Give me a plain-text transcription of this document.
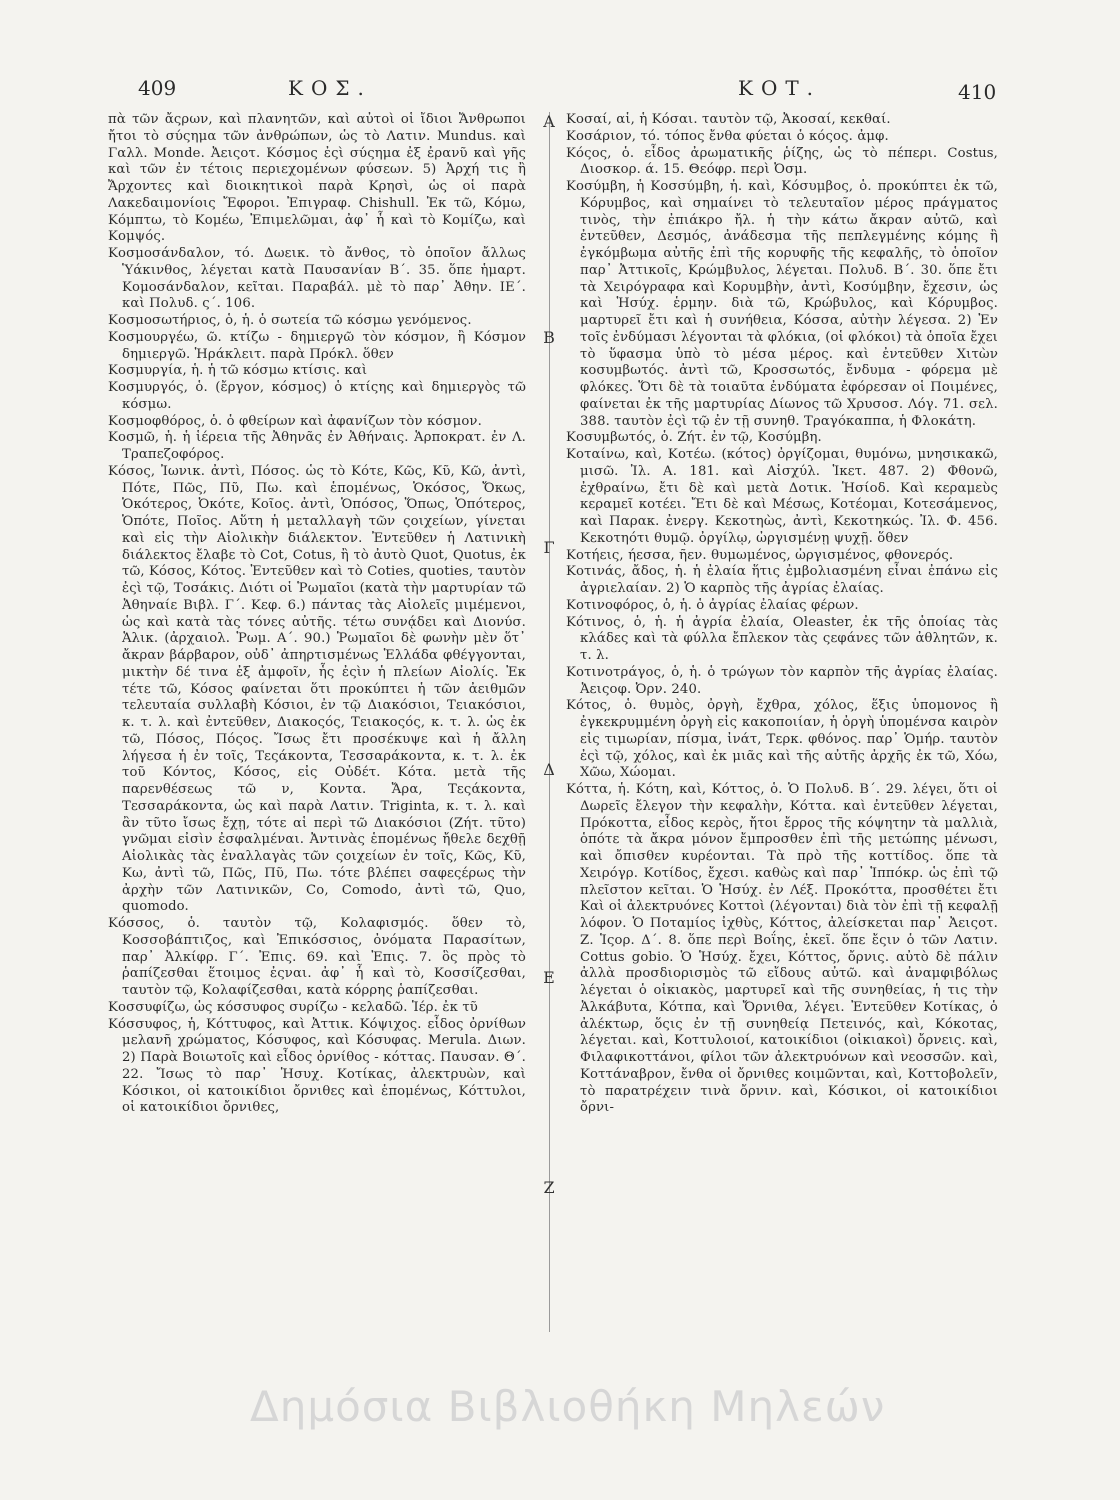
409	ΚΟΣ.	ΚΟΤ.	410

πὰ τῶν ἄςρων, καὶ πλανητῶν, καὶ αὐτοὶ οἱ ἴδιοι Ἄνθρωποι ἤτοι τὸ σύςημα τῶν ἀνθρώπων, ὡς τὸ Λατιν. Mundus. καὶ Γαλλ. Monde. Ἀειςοτ. Κόσμος ἐςὶ σύςημα ἐξ ἐρανῦ καὶ γῆς καὶ τῶν ἐν τέτοις περιεχομένων φύσεων. 5) Ἀρχή τις ἢ Ἄρχοντες καὶ διοικητικοὶ παρὰ Κρησὶ, ὡς οἱ παρὰ Λακεδαιμονίοις Ἔφοροι. Ἐπιγραφ. Chishull. Ἐκ τῶ, Κόμω, Κόμπτω, τὸ Κομέω, Ἐπιμελῶμαι, ἀφ᾽ ἧ καὶ τὸ Κομίζω, καὶ Κομψός.

Κοσμοσάνδαλον, τό. Δωεικ. τὸ ἄνθος, τὸ ὁποῖον ἄλλως Ὑάκινθος, λέγεται κατὰ Παυσανίαν Β΄. 35. ὅπε ἡμαρτ. Κομοσάνδαλον, κεῖται. Παραβάλ. μὲ τὸ παρ᾽ Ἀθην. ΙΕ΄. καὶ Πολυδ. ς΄. 106.

Κοσμοσωτήριος, ὁ, ἡ. ὁ σωτεία τῶ κόσμω γενόμενος.

Κοσμουργέω, ῶ. κτίζω - δημιεργῶ τὸν κόσμον, ἢ Κόσμον δημιεργῶ. Ἡράκλειτ. παρὰ Πρόκλ. ὅθεν

Κοσμυργία, ἡ. ἡ τῶ κόσμω κτίσις. καὶ

Κοσμυργός, ὁ. (ἔργον, κόσμος) ὁ κτίςης καὶ δημιεργὸς τῶ κόσμω.

Κοσμοφθόρος, ὁ. ὁ φθείρων καὶ ἀφανίζων τὸν κόσμον.

Κοσμῶ, ἡ. ἡ ἱέρεια τῆς Ἀθηνᾶς ἐν Ἀθήναις. Ἁρποκρατ. ἐν Λ. Τραπεζοφόρος.

Κόσος, Ἰωνικ. ἀντὶ, Πόσος. ὡς τὸ Κότε, Κῶς, Κῦ, Κῶ, ἀντὶ, Πότε, Πῶς, Πῦ, Πω. καὶ ἑπομένως, Ὁκόσος, Ὄκως, Ὁκότερος, Ὀκότε, Κοῖος. ἀντὶ, Ὁπόσος, Ὅπως, Ὁπότερος, Ὁπότε, Ποῖος. Αὕτη ἡ μεταλλαγὴ τῶν ςοιχείων, γίνεται καὶ εἰς τὴν Αἰολικὴν διάλεκτον. Ἐντεῦθεν ἡ Λατινικὴ διάλεκτος ἔλαβε τὸ Cot, Cotus, ἢ τὸ ἀυτὸ Quot, Quotus, ἐκ τῶ, Κόσος, Κότος. Ἐντεῦθεν καὶ τὸ Coties, quoties, ταυτὸν ἐςὶ τῷ, Τοσάκις. Διότι οἱ Ῥωμαῖοι (κατὰ τὴν μαρτυρίαν τῶ Ἀθηναίε Βιβλ. Γ΄. Κεφ. 6.) πάντας τὰς Αἰολεῖς μιμέμενοι, ὡς καὶ κατὰ τὰς τόνες αὐτῆς. τέτω συνᾴδει καὶ Διονύσ. Ἁλικ. (ἀρχαιολ. Ῥωμ. Α΄. 90.) Ῥωμαῖοι δὲ φωνὴν μὲν ὅτ᾽ ἄκραν βάρβαρον, οὐδ᾽ ἀπηρτισμένως Ἑλλάδα φθέγγονται, μικτὴν δέ τινα ἐξ ἀμφοῖν, ἧς ἐςὶν ἡ πλείων Αἰολίς. Ἐκ τέτε τῶ, Κόσος φαίνεται ὅτι προκύπτει ἡ τῶν ἀειθμῶν τελευταία συλλαβὴ Κόσιοι, ἐν τῷ Διακόσιοι, Τειακόσιοι, κ. τ. λ. καὶ ἐντεῦθεν, Διακοςός, Τειακοςός, κ. τ. λ. ὡς ἐκ τῶ, Πόσος, Πόςος. Ἴσως ἔτι προσέκυψε καὶ ἡ ἄλλη λήγεσα ἡ ἐν τοῖς, Τεςάκοντα, Τεσσαράκοντα, κ. τ. λ. ἐκ τοῦ Κόντος, Κόσος, εἰς Οὐδέτ. Κότα. μετὰ τῆς παρενθέσεως τῶ ν, Κοντα. Ἄρα, Τεςάκοντα, Τεσσαράκοντα, ὡς καὶ παρὰ Λατιν. Triginta, κ. τ. λ. καὶ ἂν τῦτο ἴσως ἔχῃ, τότε αἱ περὶ τῶ Διακόσιοι (Ζήτ. τῦτο) γνῶμαι εἰσὶν ἐσφαλμέναι. Ἀντινὰς ἑπομένως ἤθελε δεχθῇ Αἰολικὰς τὰς ἐναλλαγὰς τῶν ςοιχείων ἐν τοῖς, Κῶς, Κῦ, Κω, ἀντὶ τῶ, Πῶς, Πῦ, Πω. τότε βλέπει σαφεςέρως τὴν ἀρχὴν τῶν Λατινικῶν, Co, Comodo, ἀντὶ τῶ, Quo, quomodo.

Κόσσος, ὁ. ταυτὸν τῷ, Κολαφισμός. ὅθεν τὸ, Κοσσοβάπτιζος, καὶ Ἐπικόσσιος, ὀνόματα Παρασίτων, παρ᾽ Ἀλκίφρ. Γ΄. Ἐπις. 69. καὶ Ἐπις. 7. ὃς πρὸς τὸ ῥαπίζεσθαι ἕτοιμος ἐςναι. ἀφ᾽ ἧ καὶ τὸ, Κοσσίζεσθαι, ταυτὸν τῷ, Κολαφίζεσθαι, κατὰ κόρρης ῥαπίζεσθαι.

Κοσσυφίζω, ὡς κόσσυφος συρίζω - κελαδῶ. Ἱέρ. ἐκ τῦ

Κόσσυφος, ἡ, Κόττυφος, καὶ Ἀττικ. Κόψιχος. εἶδος ὀρνίθων μελανῆ χρώματος, Κόσυφος, καὶ Κόσυφας. Merula. Διων. 2) Παρὰ Βοιωτοῖς καὶ εἶδος ὀρνίθος - κόττας. Παυσαν. Θ΄. 22. Ἴσως τὸ παρ᾽ Ἡσυχ. Κοτίκας, ἀλεκτρυὼν, καὶ Κόσικοι, οἱ κατοικίδιοι ὄρνιθες καὶ ἑπομένως, Κόττυλοι, οἱ κατοικίδιοι ὄρνιθες,

A
B
Γ
Δ
E
Z

Κοσαί, αἱ, ἡ Κόσαι. ταυτὸν τῷ, Ἀκοσαί, κεκθαί.

Κοσάριον, τό. τόπος ἔνθα φύεται ὁ κόςος. ἀμφ.

Κόςος, ὁ. εἶδος ἀρωματικῆς ῥίζης, ὡς τὸ πέπερι. Costus, Διοσκορ. ά. 15. Θεόφρ. περὶ Ὀσμ.

Κοσύμβη, ἡ Κοσσύμβη, ἡ. καὶ, Κόσυμβος, ὁ. προκύπτει ἐκ τῶ, Κόρυμβος, καὶ σημαίνει τὸ τελευταῖον μέρος πράγματος τινὸς, τὴν ἐπιάκρο ἤλ. ἡ τὴν κάτω ἄκραν αὐτῶ, καὶ ἐντεῦθεν, Δεσμός, ἀνάδεσμα τῆς πεπλεγμένης κόμης ἢ ἐγκόμβωμα αὐτῆς ἐπὶ τῆς κορυφῆς τῆς κεφαλῆς, τὸ ὁποῖον παρ᾽ Ἀττικοῖς, Κρώμβυλος, λέγεται. Πολυδ. Β΄. 30. ὅπε ἔτι τὰ Χειρόγραφα καὶ Κορυμβὴν, ἀντὶ, Κοσύμβην, ἔχεσιν, ὡς καὶ Ἡσύχ. ἑρμην. διὰ τῶ, Κρώβυλος, καὶ Κόρυμβος. μαρτυρεῖ ἔτι καὶ ἡ συνήθεια, Κόσσα, αὐτὴν λέγεσα. 2) Ἐν τοῖς ἐνδύμασι λέγονται τὰ φλόκια, (οἱ φλόκοι) τὰ ὁποῖα ἔχει τὸ ὕφασμα ὑπὸ τὸ μέσα μέρος. καὶ ἐντεῦθεν Χιτὼν κοσυμβωτός. ἀντὶ τῶ, Κροσσωτός, ἔνδυμα - φόρεμα μὲ φλόκες. Ὅτι δὲ τὰ τοιαῦτα ἐνδύματα ἐφόρεσαν οἱ Ποιμένες, φαίνεται ἐκ τῆς μαρτυρίας Δίωνος τῶ Χρυσοσ. Λόγ. 71. σελ. 388. ταυτὸν ἐςὶ τῷ ἐν τῇ συνηθ. Τραγόκαππα, ἡ Φλοκάτη.

Κοσυμβωτός, ὁ. Ζήτ. ἐν τῷ, Κοσύμβη.

Κοταίνω, καὶ, Κοτέω. (κότος) ὀργίζομαι, θυμόνω, μνησικακῶ, μισῶ. Ἰλ. Α. 181. καὶ Αἰσχύλ. Ἱκετ. 487. 2) Φθονῶ, ἐχθραίνω, ἔτι δὲ καὶ μετὰ Δοτικ. Ἡσίοδ. Καὶ κεραμεὺς κεραμεῖ κοτέει. Ἔτι δὲ καὶ Μέσως, Κοτέομαι, Κοτεσάμενος, καὶ Παρακ. ἐνεργ. Κεκοτηὼς, ἀντὶ, Κεκοτηκώς. Ἰλ. Φ. 456. Κεκοτηότι θυμῷ. ὀργίλῳ, ὠργισμένῃ ψυχῇ. ὅθεν

Κοτήεις, ήεσσα, ῆεν. θυμωμένος, ὠργισμένος, φθονερός.

Κοτινάς, ἄδος, ἡ. ἡ ἐλαία ἥτις ἐμβολιασμένη εἶναι ἐπάνω εἰς ἀγριελαίαν. 2) Ὁ καρπὸς τῆς ἀγρίας ἐλαίας.

Κοτινοφόρος, ὁ, ἡ. ὁ ἀγρίας ἐλαίας φέρων.

Κότινος, ὁ, ἡ. ἡ ἀγρία ἐλαία, Oleaster, ἐκ τῆς ὁποίας τὰς κλάδες καὶ τὰ φύλλα ἔπλεκον τὰς ςεφάνες τῶν ἀθλητῶν, κ. τ. λ.

Κοτινοτράγος, ὁ, ἡ. ὁ τρώγων τὸν καρπὸν τῆς ἀγρίας ἐλαίας. Ἀειςοφ. Ὀρν. 240.

Κότος, ὁ. θυμὸς, ὀργὴ, ἔχθρα, χόλος, ἕξις ὑπομονος ἢ ἐγκεκρυμμένη ὀργὴ εἰς κακοποιίαν, ἡ ὀργὴ ὑπομένσα καιρὸν εἰς τιμωρίαν, πίσμα, ἰνάτ, Τερκ. φθόνος. παρ᾽ Ὁμήρ. ταυτὸν ἐςὶ τῷ, χόλος, καὶ ἐκ μιᾶς καὶ τῆς αὐτῆς ἀρχῆς ἐκ τῶ, Χόω, Χῶω, Χώομαι.

Κόττα, ἡ. Κότη, καὶ, Κόττος, ὁ. Ὁ Πολυδ. Β΄. 29. λέγει, ὅτι οἱ Δωρεῖς ἔλεγον τὴν κεφαλὴν, Κόττα. καὶ ἐντεῦθεν λέγεται, Πρόκοττα, εἶδος κερὸς, ἤτοι ἔρρος τῆς κόψητην τὰ μαλλιὰ, ὁπότε τὰ ἄκρα μόνον ἔμπροσθεν ἐπὶ τῆς μετώπης μένωσι, καὶ ὄπισθεν κυρέονται. Τὰ πρὸ τῆς κοττίδος. ὅπε τὰ Χειρόγρ. Κοτίδος, ἔχεσι. καθὼς καὶ παρ᾽ Ἱππόκρ. ὡς ἐπὶ τῷ πλεῖστον κεῖται. Ὁ Ἡσύχ. ἐν Λέξ. Προκόττα, προσθέτει ἔτι Καὶ οἱ ἀλεκτρυόνες Κοττοὶ (λέγονται) διὰ τὸν ἐπὶ τῇ κεφαλῇ λόφον. Ὁ Ποταμίος ἰχθὺς, Κόττος, ἀλείσκεται παρ᾽ Ἀειςοτ. Ζ. Ἱςορ. Δ΄. 8. ὅπε περὶ Βοΐης, ἐκεῖ. ὅπε ἔςιν ὁ τῶν Λατιν. Cottus gobio. Ὁ Ἡσύχ. ἔχει, Κόττος, ὄρνις. αὐτὸ δὲ πάλιν ἀλλὰ προσδιορισμὸς τῶ εἴδους αὐτῶ. καὶ ἀναμφιβόλως λέγεται ὁ οἰκιακὸς, μαρτυρεῖ καὶ τῆς συνηθείας, ἡ τις τὴν Ἀλκάβυτα, Κότπα, καὶ Ὄρνιθα, λέγει. Ἐντεῦθεν Κοτίκας, ὁ ἀλέκτωρ, ὅςις ἐν τῇ συνηθείᾳ Πετεινός, καὶ, Κόκοτας, λέγεται. καὶ, Κοττυλοιοί, κατοικίδιοι (οἰκιακοὶ) ὄρνεις. καὶ, Φιλαφικοττάνοι, φίλοι τῶν ἀλεκτρυόνων καὶ νεοσσῶν. καὶ, Κοττάναβρον, ἔνθα οἱ ὄρνιθες κοιμῶνται, καὶ, Κοττοβολεῖν, τὸ παρατρέχειν τινὰ ὄρνιν. καὶ, Κόσικοι, οἱ κατοικίδιοι ὄρνι-

Δημόσια Βιβλιοθήκη Μηλεών
